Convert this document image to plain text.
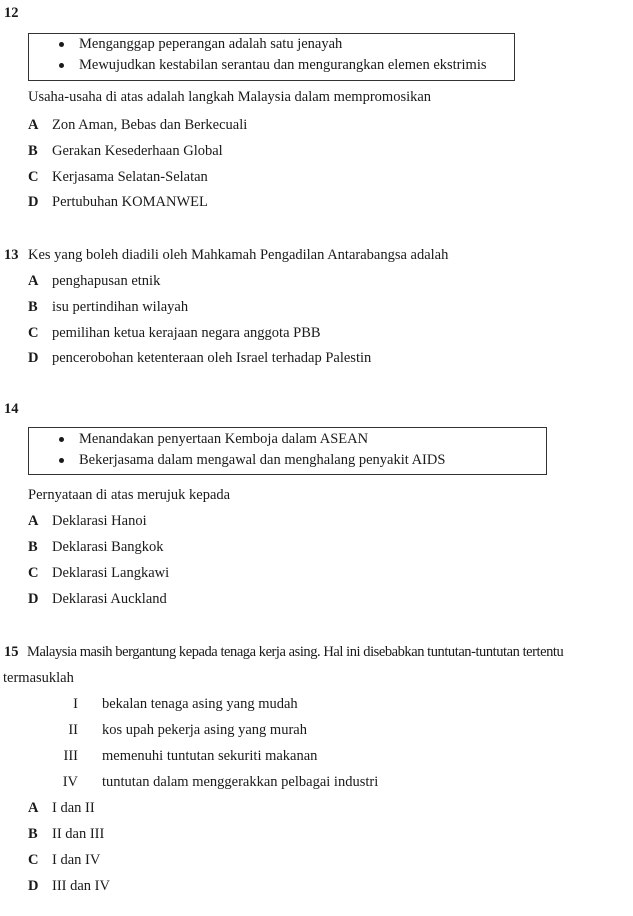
12
Menganggap peperangan adalah satu jenayah
Mewujudkan kestabilan serantau dan mengurangkan elemen ekstrimis
Usaha-usaha di atas adalah langkah Malaysia dalam mempromosikan
A Zon Aman, Bebas dan Berkecuali
B Gerakan Kesederhaan Global
C Kerjasama Selatan-Selatan
D Pertubuhan KOMANWEL
13 Kes yang boleh diadili oleh Mahkamah Pengadilan Antarabangsa adalah
A penghapusan etnik
B isu pertindihan wilayah
C pemilihan ketua kerajaan negara anggota PBB
D pencerobohan ketenteraan oleh Israel terhadap Palestin
14
Menandakan penyertaan Kemboja dalam ASEAN
Bekerjasama dalam mengawal dan menghalang penyakit AIDS
Pernyataan di atas merujuk kepada
A Deklarasi Hanoi
B Deklarasi Bangkok
C Deklarasi Langkawi
D Deklarasi Auckland
15 Malaysia masih bergantung kepada tenaga kerja asing. Hal ini disebabkan tuntutan-tuntutan tertentu
termasuklah
I bekalan tenaga asing yang mudah
II kos upah pekerja asing yang murah
III memenuhi tuntutan sekuriti makanan
IV tuntutan dalam menggerakkan pelbagai industri
A I dan II
B II dan III
C I dan IV
D III dan IV
